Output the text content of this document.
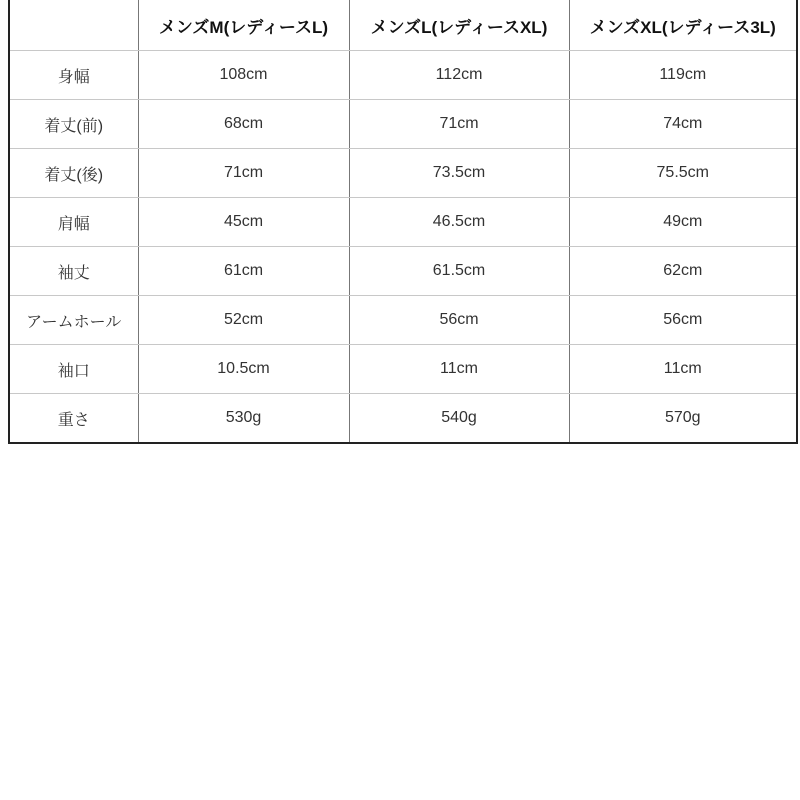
	メンズM(レディースL)	メンズL(レディースXL)	メンズXL(レディース3L)
身幅	108cm	112cm	119cm
着丈(前)	68cm	71cm	74cm
着丈(後)	71cm	73.5cm	75.5cm
肩幅	45cm	46.5cm	49cm
袖丈	61cm	61.5cm	62cm
アームホール	52cm	56cm	56cm
袖口	10.5cm	11cm	11cm
重さ	530g	540g	570g
